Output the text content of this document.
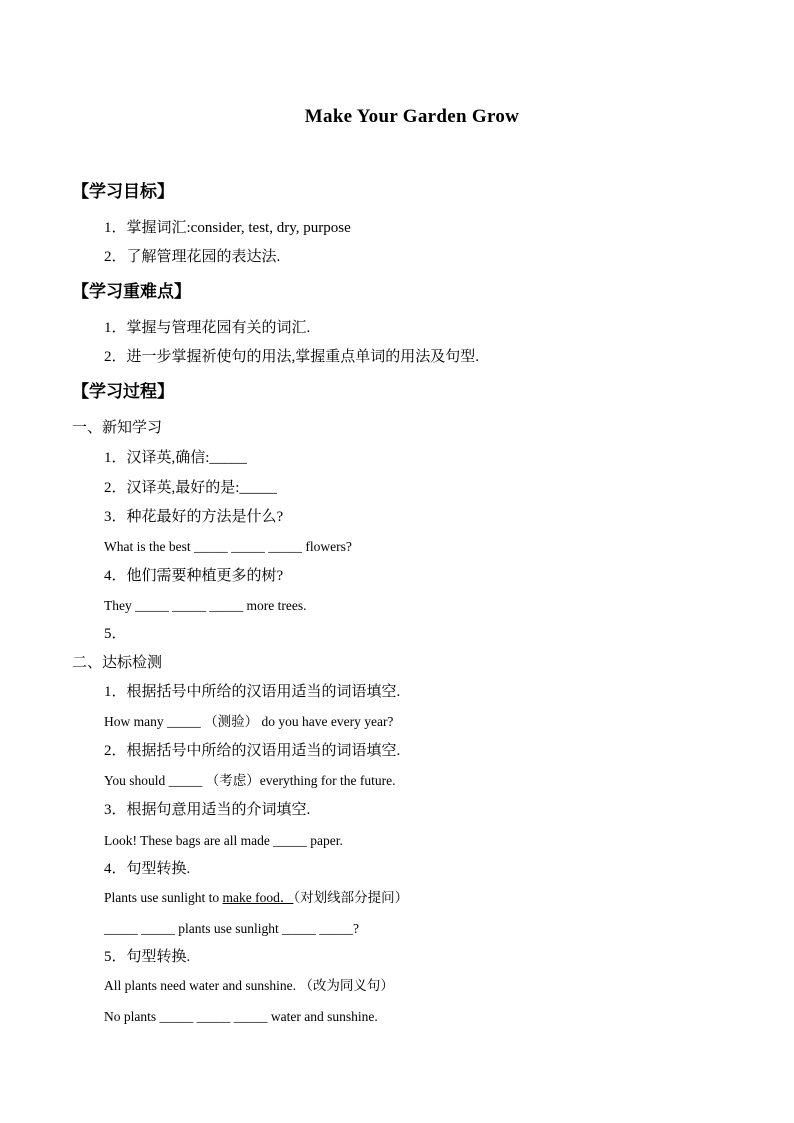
Make Your Garden Grow
【学习目标】
1．掌握词汇:consider, test, dry, purpose
2．了解管理花园的表达法.
【学习重难点】
1．掌握与管理花园有关的词汇.
2．进一步掌握祈使句的用法,掌握重点单词的用法及句型.
【学习过程】
一、新知学习
1．汉译英,确信:_____
2．汉译英,最好的是:_____
3．种花最好的方法是什么?
What is the best _____ _____ _____ flowers?
4．他们需要种植更多的树?
They _____ _____ _____ more trees.
5．
二、达标检测
1．根据括号中所给的汉语用适当的词语填空.
How many _____ （测验） do you have every year?
2．根据括号中所给的汉语用适当的词语填空.
You should _____ （考虑）everything for the future.
3．根据句意用适当的介词填空.
Look! These bags are all made _____ paper.
4．句型转换.
Plants use sunlight to make food．（对划线部分提问）
_____ _____ plants use sunlight _____ _____?
5．句型转换.
All plants need water and sunshine. （改为同义句）
No plants _____ _____ _____ water and sunshine.
